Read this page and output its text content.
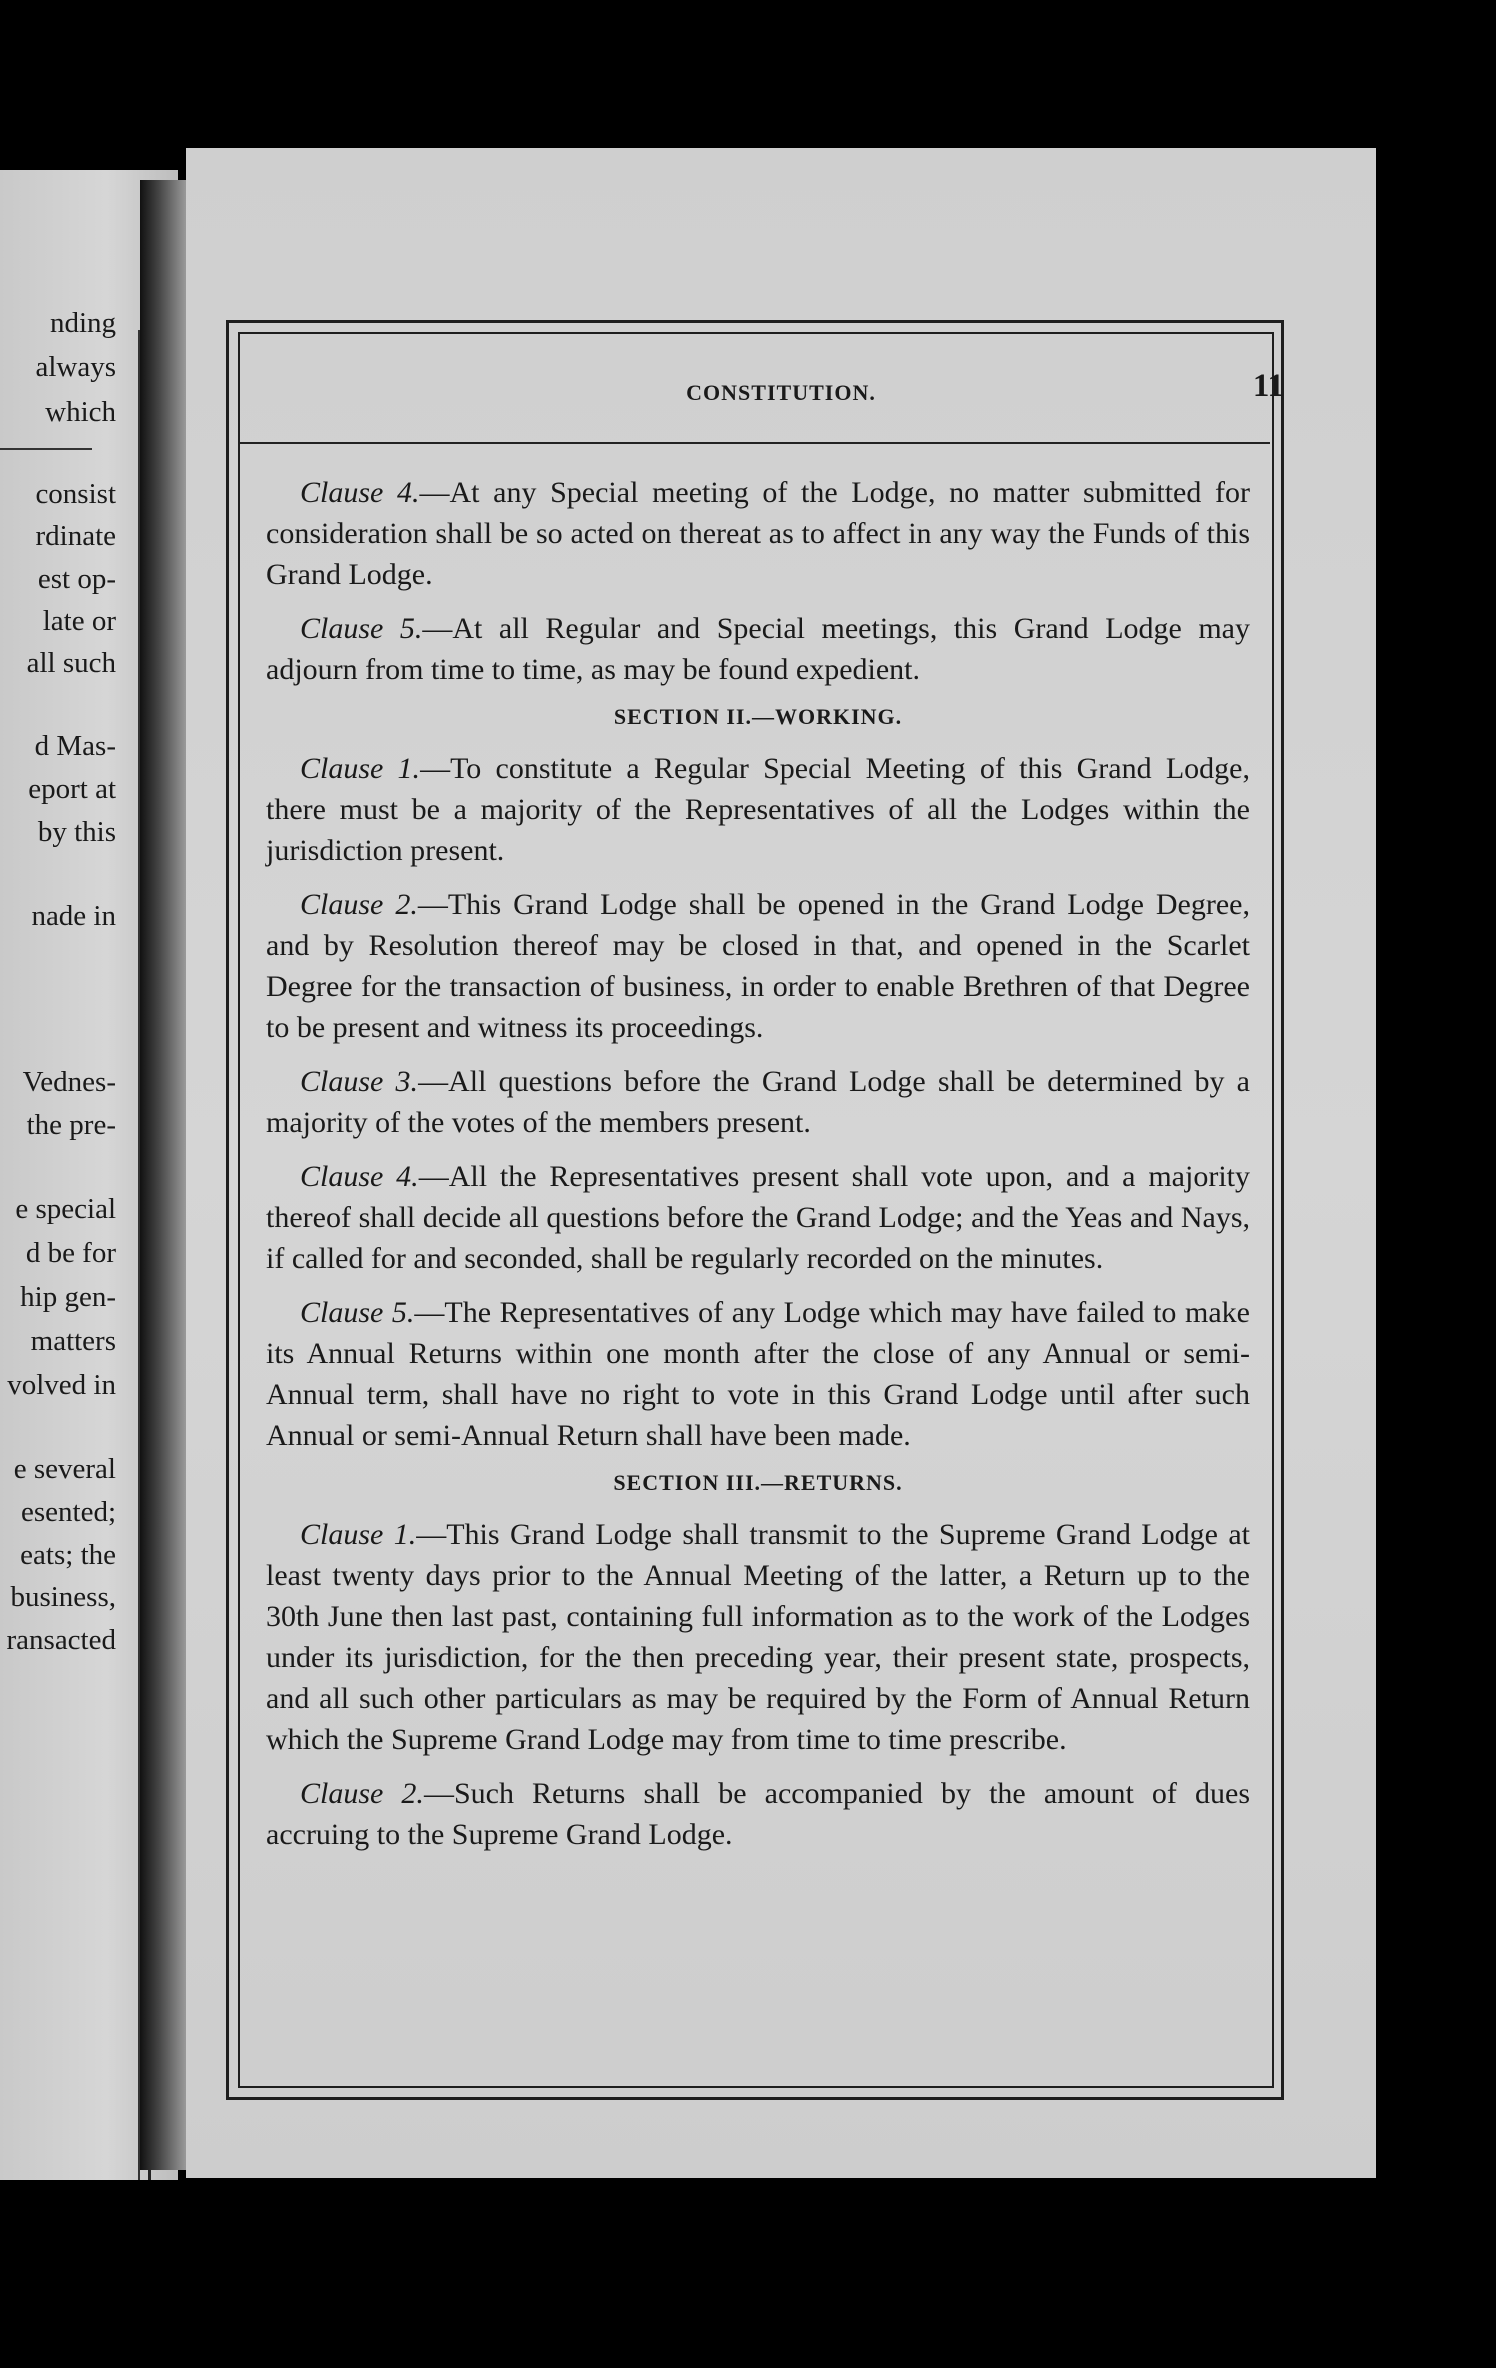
nding
always
which
consist
rdinate
est op-
late or
all such
d Mas-
eport at
by this
nade in
Vednes-
the pre-
e special
d be for
hip gen-
matters
volved in
e several
esented;
eats; the
business,
ransacted
CONSTITUTION.	11

Clause 4.—At any Special meeting of the Lodge, no matter submitted for consideration shall be so acted on thereat as to affect in any way the Funds of this Grand Lodge.

Clause 5.—At all Regular and Special meetings, this Grand Lodge may adjourn from time to time, as may be found expedient.

SECTION II.—WORKING.

Clause 1.—To constitute a Regular Special Meeting of this Grand Lodge, there must be a majority of the Representatives of all the Lodges within the jurisdiction present.

Clause 2.—This Grand Lodge shall be opened in the Grand Lodge Degree, and by Resolution thereof may be closed in that, and opened in the Scarlet Degree for the transaction of business, in order to enable Brethren of that Degree to be present and witness its proceedings.

Clause 3.—All questions before the Grand Lodge shall be determined by a majority of the votes of the members present.

Clause 4.—All the Representatives present shall vote upon, and a majority thereof shall decide all questions before the Grand Lodge; and the Yeas and Nays, if called for and seconded, shall be regularly recorded on the minutes.

Clause 5.—The Representatives of any Lodge which may have failed to make its Annual Returns within one month after the close of any Annual or semi-Annual term, shall have no right to vote in this Grand Lodge until after such Annual or semi-Annual Return shall have been made.

SECTION III.—RETURNS.

Clause 1.—This Grand Lodge shall transmit to the Supreme Grand Lodge at least twenty days prior to the Annual Meeting of the latter, a Return up to the 30th June then last past, containing full information as to the work of the Lodges under its jurisdiction, for the then preceding year, their present state, prospects, and all such other particulars as may be required by the Form of Annual Return which the Supreme Grand Lodge may from time to time prescribe.

Clause 2.—Such Returns shall be accompanied by the amount of dues accruing to the Supreme Grand Lodge.
